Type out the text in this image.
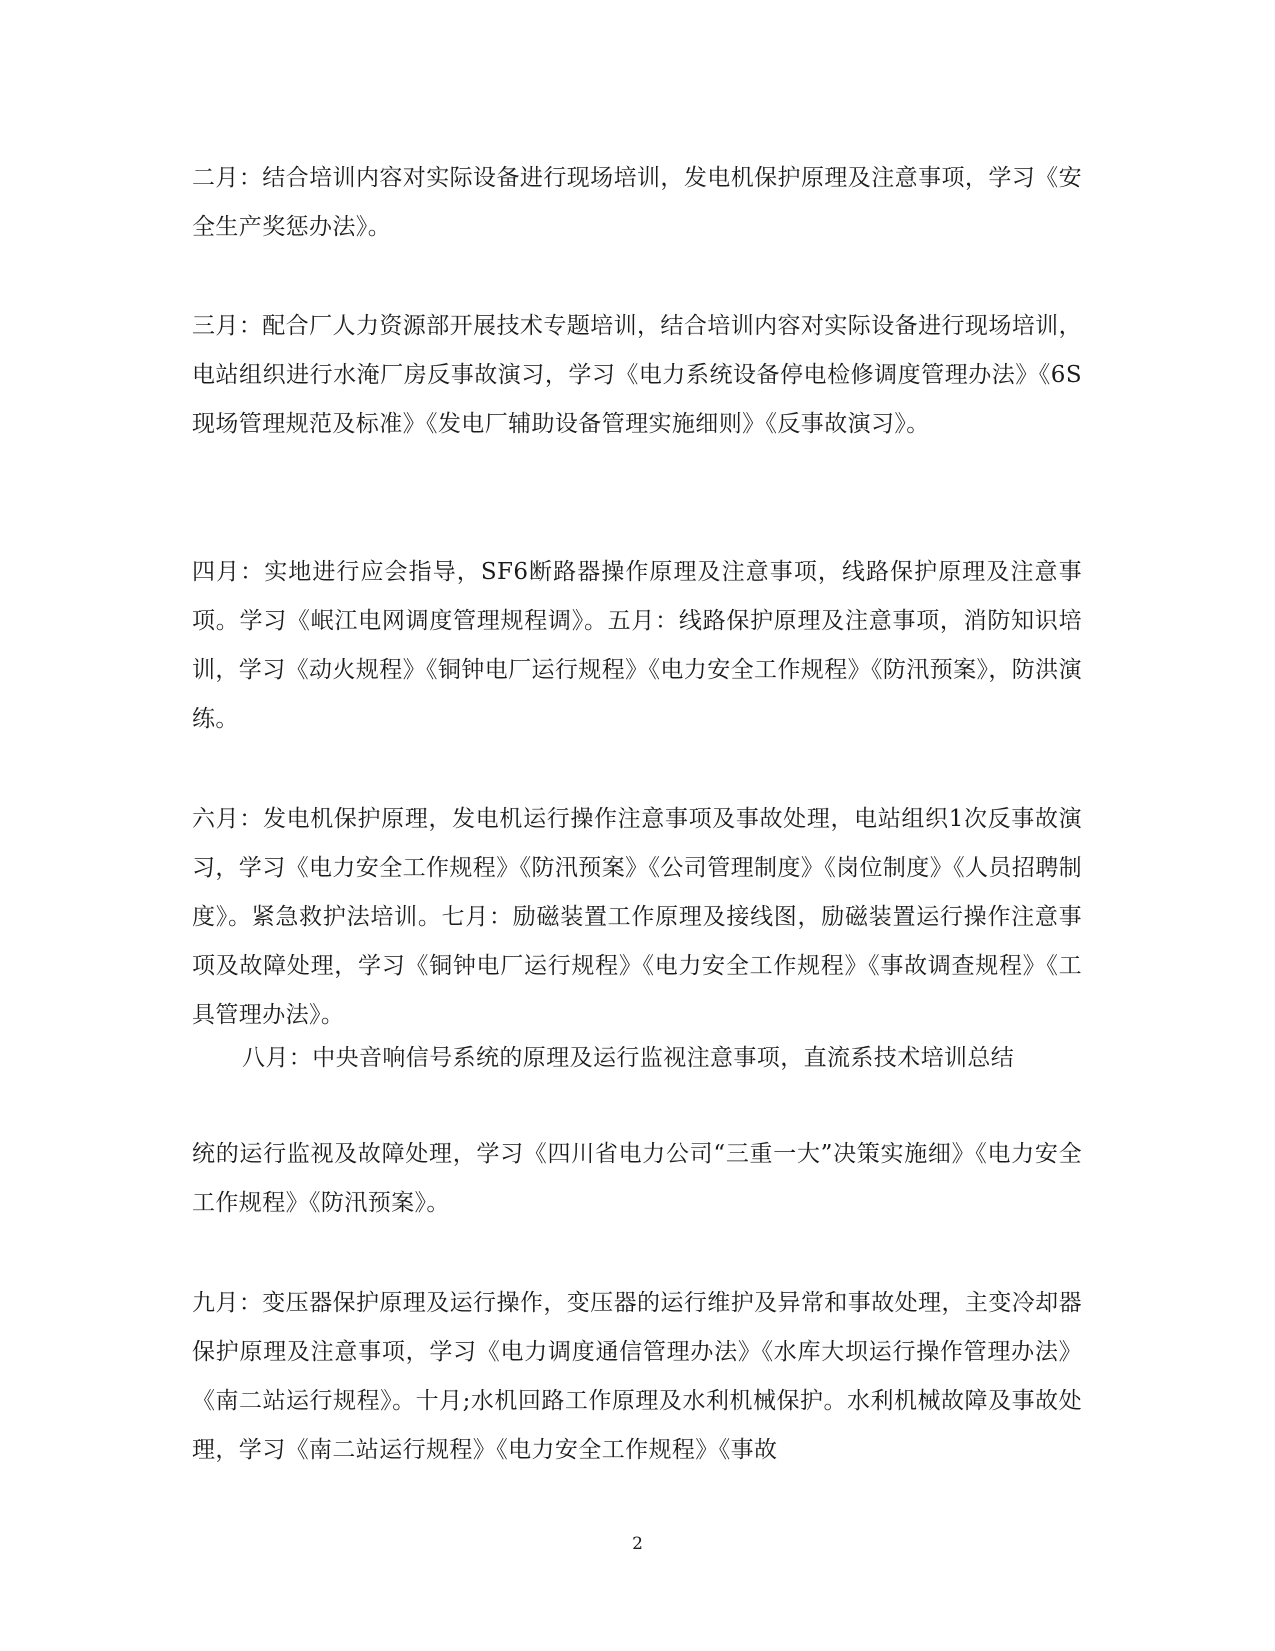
二月：结合培训内容对实际设备进行现场培训，发电机保护原理及注意事项，学习《安全生产奖惩办法》。

三月：配合厂人力资源部开展技术专题培训，结合培训内容对实际设备进行现场培训，电站组织进行水淹厂房反事故演习，学习《电力系统设备停电检修调度管理办法》《6S现场管理规范及标准》《发电厂辅助设备管理实施细则》《反事故演习》。

四月：实地进行应会指导，SF6断路器操作原理及注意事项，线路保护原理及注意事项。学习《岷江电网调度管理规程调》。五月：线路保护原理及注意事项，消防知识培训，学习《动火规程》《铜钟电厂运行规程》《电力安全工作规程》《防汛预案》，防洪演练。

六月：发电机保护原理，发电机运行操作注意事项及事故处理，电站组织1次反事故演习，学习《电力安全工作规程》《防汛预案》《公司管理制度》《岗位制度》《人员招聘制度》。紧急救护法培训。七月：励磁装置工作原理及接线图，励磁装置运行操作注意事项及故障处理，学习《铜钟电厂运行规程》《电力安全工作规程》《事故调查规程》《工具管理办法》。

八月：中央音响信号系统的原理及运行监视注意事项，直流系技术培训总结

统的运行监视及故障处理，学习《四川省电力公司“三重一大”决策实施细》《电力安全工作规程》《防汛预案》。

九月：变压器保护原理及运行操作，变压器的运行维护及异常和事故处理，主变冷却器保护原理及注意事项，学习《电力调度通信管理办法》《水库大坝运行操作管理办法》《南二站运行规程》。十月;水机回路工作原理及水利机械保护。水利机械故障及事故处理，学习《南二站运行规程》《电力安全工作规程》《事故

2
